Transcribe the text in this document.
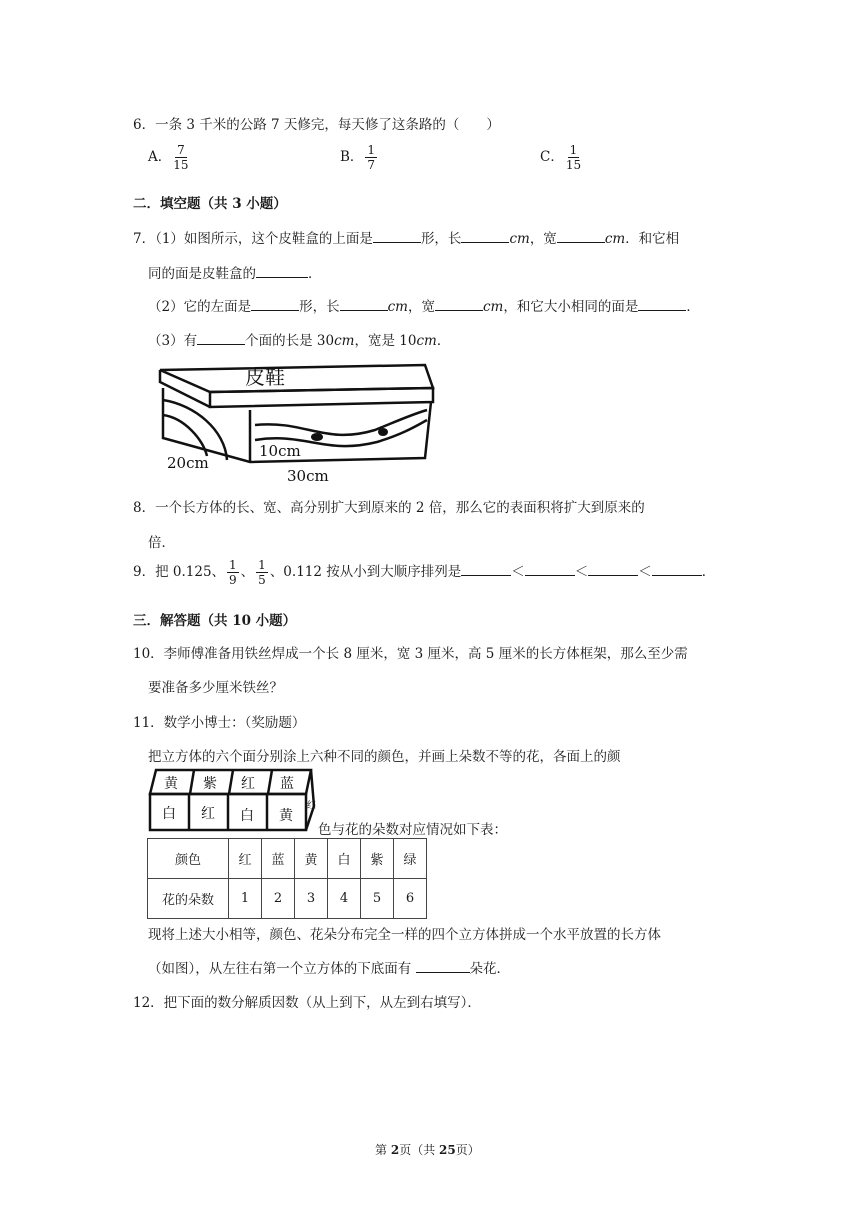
6．一条 3 千米的公路 7 天修完，每天修了这条路的（　　）
A． $\frac{7}{15}$	B． $\frac{1}{7}$	C． $\frac{1}{15}$
二．填空题（共 3 小题）
7．（1）如图所示，这个皮鞋盒的上面是	形，长	cm，宽	cm．和它相
同的面是皮鞋盒的	．
（2）它的左面是	形，长	cm，宽	cm，和它大小相同的面是	．
（3）有	个面的长是 30cm，宽是 10cm．
皮鞋
10cm
20cm
30cm
8．一个长方体的长、宽、高分别扩大到原来的 2 倍，那么它的表面积将扩大到原来的
倍．
9．把 0.125、 $\frac{1}{9}$ 、 $\frac{1}{5}$ 、0.112 按从小到大顺序排列是	＜	＜	＜	．
三．解答题（共 10 小题）
10．李师傅准备用铁丝焊成一个长 8 厘米，宽 3 厘米，高 5 厘米的长方体框架，那么至少需
要准备多少厘米铁丝？
11．数学小博士：（奖励题）
把立方体的六个面分别涂上六种不同的颜色，并画上朵数不等的花，各面上的颜
黄 紫 红 蓝
白 红 白 黄
红
色与花的朵数对应情况如下表：
颜色	红	蓝	黄	白	紫	绿
花的朵数	1	2	3	4	5	6
现将上述大小相等，颜色、花朵分布完全一样的四个立方体拼成一个水平放置的长方体
（如图），从左往右第一个立方体的下底面有	朵花．
12．把下面的数分解质因数（从上到下，从左到右填写）．
第 2页（共 25页）
